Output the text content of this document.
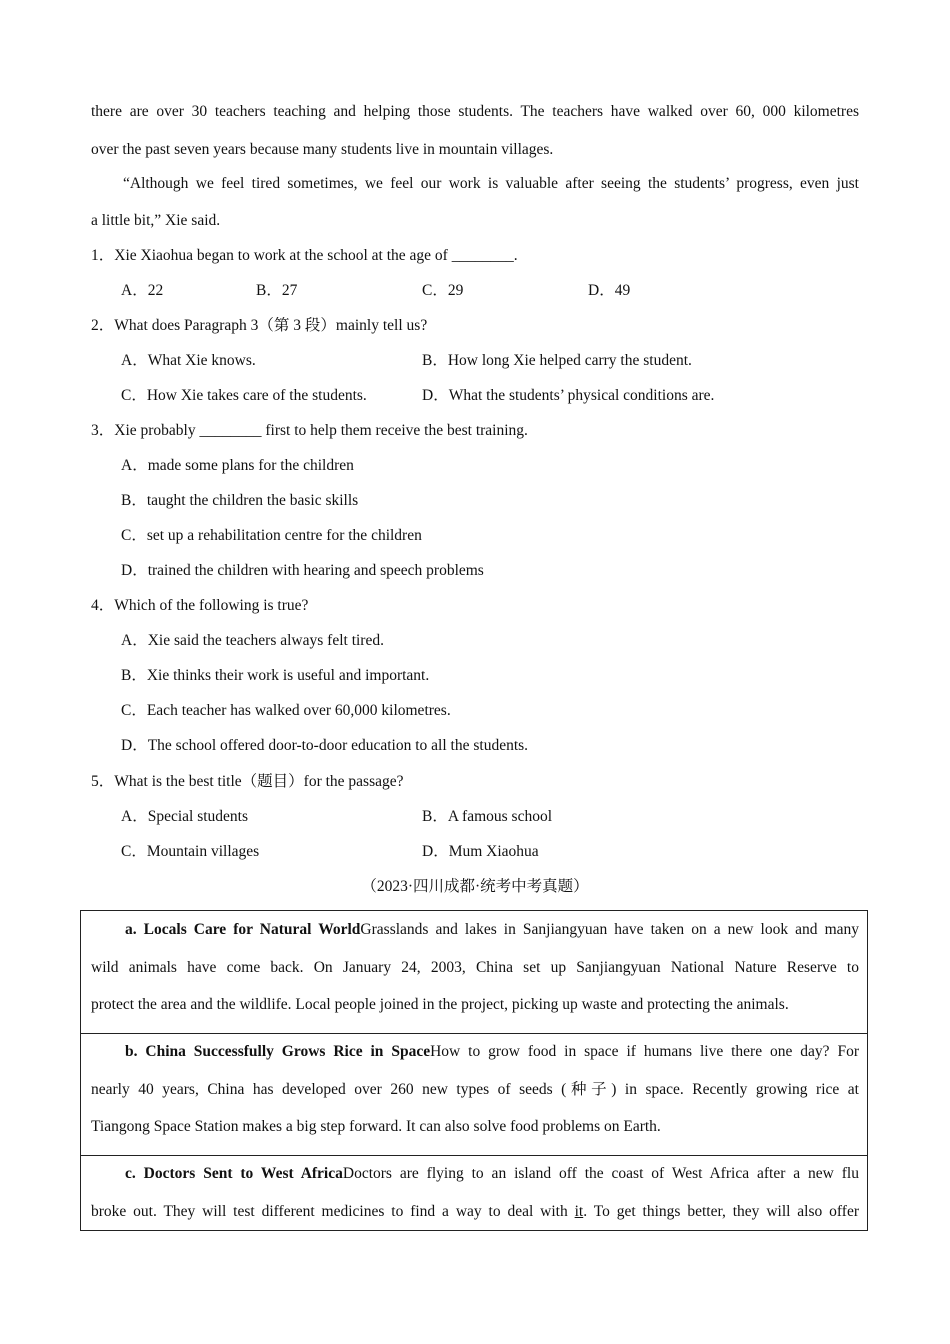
there are over 30 teachers teaching and helping those students. The teachers have walked over 60, 000 kilometres
over the past seven years because many students live in mountain villages.
“Although we feel tired sometimes, we feel our work is valuable after seeing the students’ progress, even just
a little bit,” Xie said.
1．Xie Xiaohua began to work at the school at the age of ________.
A．22	B．27	C．29	D．49
2．What does Paragraph 3（第 3 段）mainly tell us?
A．What Xie knows.	B．How long Xie helped carry the student.
C．How Xie takes care of the students.	D．What the students’ physical conditions are.
3．Xie probably ________ first to help them receive the best training.
A．made some plans for the children
B．taught the children the basic skills
C．set up a rehabilitation centre for the children
D．trained the children with hearing and speech problems
4．Which of the following is true?
A．Xie said the teachers always felt tired.
B．Xie thinks their work is useful and important.
C．Each teacher has walked over 60,000 kilometres.
D．The school offered door-to-door education to all the students.
5．What is the best title（题目）for the passage?
A．Special students	B．A famous school
C．Mountain villages	D．Mum Xiaohua
（2023·四川成都·统考中考真题）
a. Locals Care for Natural WorldGrasslands and lakes in Sanjiangyuan have taken on a new look and many
wild animals have come back. On January 24, 2003, China set up Sanjiangyuan National Nature Reserve to
protect the area and the wildlife. Local people joined in the project, picking up waste and protecting the animals.
b. China Successfully Grows Rice in SpaceHow to grow food in space if humans live there one day? For
nearly 40 years, China has developed over 260 new types of seeds (种子) in space. Recently growing rice at
Tiangong Space Station makes a big step forward. It can also solve food problems on Earth.
c. Doctors Sent to West AfricaDoctors are flying to an island off the coast of West Africa after a new flu
broke out. They will test different medicines to find a way to deal with it. To get things better, they will also offer
